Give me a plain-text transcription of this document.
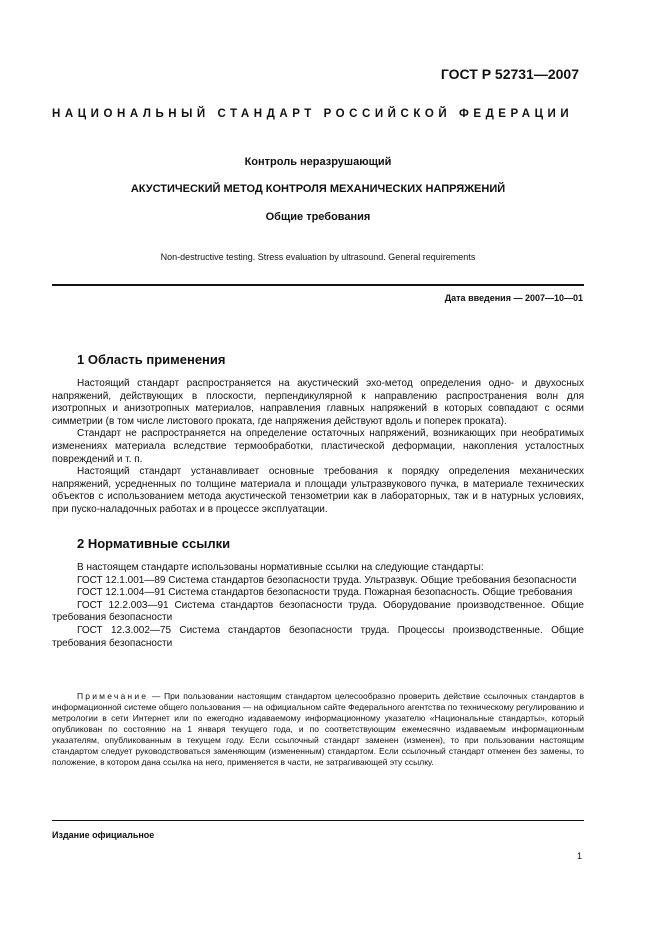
ГОСТ Р 52731—2007
НАЦИОНАЛЬНЫЙ СТАНДАРТ РОССИЙСКОЙ ФЕДЕРАЦИИ
Контроль неразрушающий
АКУСТИЧЕСКИЙ МЕТОД КОНТРОЛЯ МЕХАНИЧЕСКИХ НАПРЯЖЕНИЙ
Общие требования
Non-destructive testing. Stress evaluation by ultrasound. General requirements
Дата введения — 2007—10—01
1 Область применения

Настоящий стандарт распространяется на акустический эхо-метод определения одно- и двухосных напряжений, действующих в плоскости, перпендикулярной к направлению распространения волн для изотропных и анизотропных материалов, направления главных напряжений в которых совпадают с осями симметрии (в том числе листового проката, где напряжения действуют вдоль и поперек проката).

Стандарт не распространяется на определение остаточных напряжений, возникающих при необратимых изменениях материала вследствие термообработки, пластической деформации, накопления усталостных повреждений и т. п.

Настоящий стандарт устанавливает основные требования к порядку определения механических напряжений, усредненных по толщине материала и площади ультразвукового пучка, в материале технических объектов с использованием метода акустической тензометрии как в лабораторных, так и в натурных условиях, при пуско-наладочных работах и в процессе эксплуатации.

2 Нормативные ссылки

В настоящем стандарте использованы нормативные ссылки на следующие стандарты:

ГОСТ 12.1.001—89 Система стандартов безопасности труда. Ультразвук. Общие требования безопасности

ГОСТ 12.1.004—91 Система стандартов безопасности труда. Пожарная безопасность. Общие требования

ГОСТ 12.2.003—91 Система стандартов безопасности труда. Оборудование производственное. Общие требования безопасности

ГОСТ 12.3.002—75 Система стандартов безопасности труда. Процессы производственные. Общие требования безопасности

Примечание — При пользовании настоящим стандартом целесообразно проверить действие ссылочных стандартов в информационной системе общего пользования — на официальном сайте Федерального агентства по техническому регулированию и метрологии в сети Интернет или по ежегодно издаваемому информационному указателю «Национальные стандарты», который опубликован по состоянию на 1 января текущего года, и по соответствующим ежемесячно издаваемым информационным указателям, опубликованным в текущем году. Если ссылочный стандарт заменен (изменен), то при пользовании настоящим стандартом следует руководствоваться заменяющим (измененным) стандартом. Если ссылочный стандарт отменен без замены, то положение, в котором дана ссылка на него, применяется в части, не затрагивающей эту ссылку.

Издание официальное
1
